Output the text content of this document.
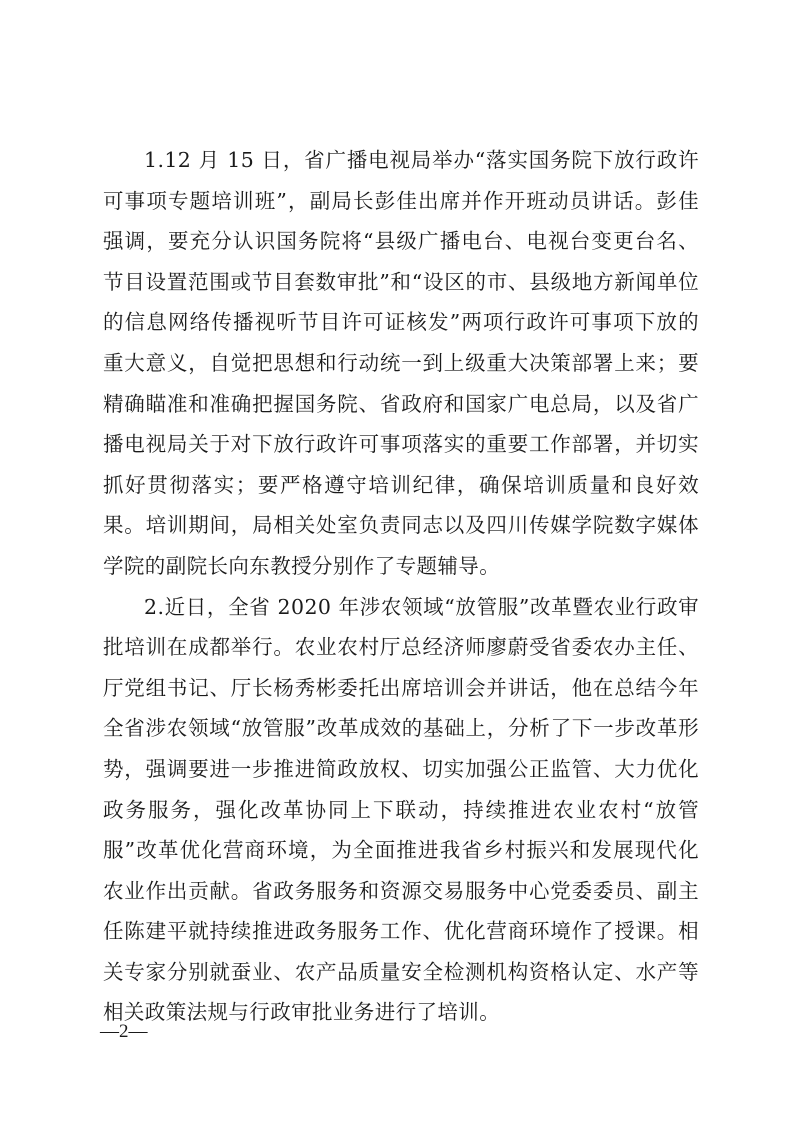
1.12 月 15 日，省广播电视局举办“落实国务院下放行政许可事项专题培训班”，副局长彭佳出席并作开班动员讲话。彭佳强调，要充分认识国务院将“县级广播电台、电视台变更台名、节目设置范围或节目套数审批”和“设区的市、县级地方新闻单位的信息网络传播视听节目许可证核发”两项行政许可事项下放的重大意义，自觉把思想和行动统一到上级重大决策部署上来；要精确瞄准和准确把握国务院、省政府和国家广电总局，以及省广播电视局关于对下放行政许可事项落实的重要工作部署，并切实抓好贯彻落实；要严格遵守培训纪律，确保培训质量和良好效果。培训期间，局相关处室负责同志以及四川传媒学院数字媒体学院的副院长向东教授分别作了专题辅导。

2.近日，全省 2020 年涉农领域“放管服”改革暨农业行政审批培训在成都举行。农业农村厅总经济师廖蔚受省委农办主任、厅党组书记、厅长杨秀彬委托出席培训会并讲话，他在总结今年全省涉农领域“放管服”改革成效的基础上，分析了下一步改革形势，强调要进一步推进简政放权、切实加强公正监管、大力优化政务服务，强化改革协同上下联动，持续推进农业农村“放管服”改革优化营商环境，为全面推进我省乡村振兴和发展现代化农业作出贡献。省政务服务和资源交易服务中心党委委员、副主任陈建平就持续推进政务服务工作、优化营商环境作了授课。相关专家分别就蚕业、农产品质量安全检测机构资格认定、水产等相关政策法规与行政审批业务进行了培训。

—2—
